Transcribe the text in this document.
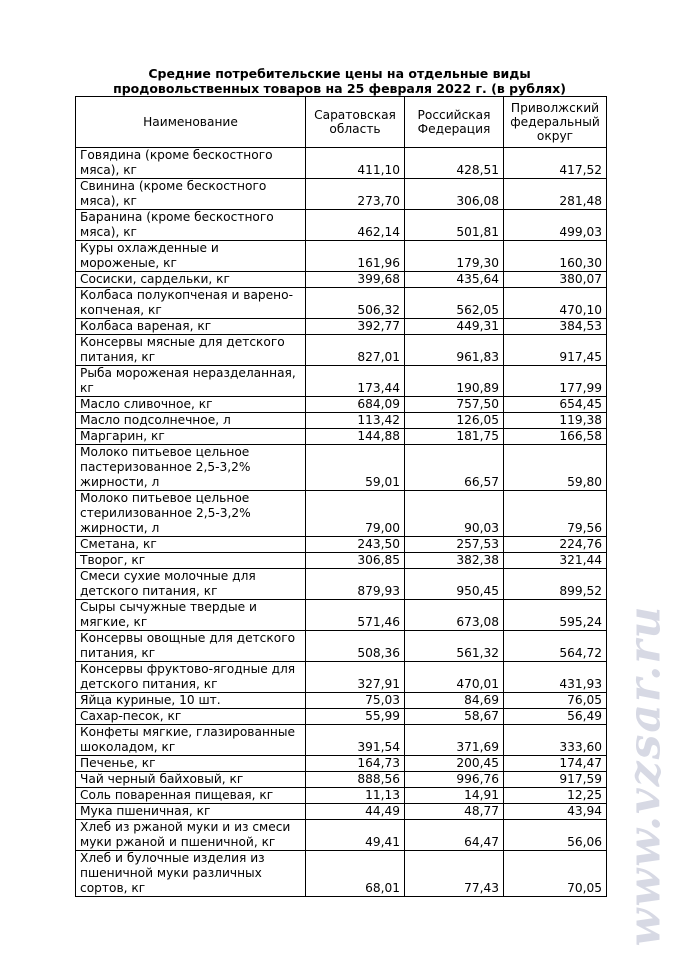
Средние потребительские цены на отдельные виды
продовольственных товаров на 25 февраля 2022 г. (в рублях)
Наименование	Саратовская область	Российская Федерация	Приволжский федеральный округ
Говядина (кроме бескостного мяса), кг	411,10	428,51	417,52
Свинина (кроме бескостного мяса), кг	273,70	306,08	281,48
Баранина (кроме бескостного мяса), кг	462,14	501,81	499,03
Куры охлажденные и мороженые, кг	161,96	179,30	160,30
Сосиски, сардельки, кг	399,68	435,64	380,07
Колбаса полукопченая и варено-копченая, кг	506,32	562,05	470,10
Колбаса вареная, кг	392,77	449,31	384,53
Консервы мясные для детского питания, кг	827,01	961,83	917,45
Рыба мороженая неразделанная, кг	173,44	190,89	177,99
Масло сливочное, кг	684,09	757,50	654,45
Масло подсолнечное, л	113,42	126,05	119,38
Маргарин, кг	144,88	181,75	166,58
Молоко питьевое цельное пастеризованное 2,5-3,2% жирности, л	59,01	66,57	59,80
Молоко питьевое цельное стерилизованное 2,5-3,2% жирности, л	79,00	90,03	79,56
Сметана, кг	243,50	257,53	224,76
Творог, кг	306,85	382,38	321,44
Смеси сухие молочные для детского питания, кг	879,93	950,45	899,52
Сыры сычужные твердые и мягкие, кг	571,46	673,08	595,24
Консервы овощные для детского питания, кг	508,36	561,32	564,72
Консервы фруктово-ягодные для детского питания, кг	327,91	470,01	431,93
Яйца куриные, 10 шт.	75,03	84,69	76,05
Сахар-песок, кг	55,99	58,67	56,49
Конфеты мягкие, глазированные шоколадом, кг	391,54	371,69	333,60
Печенье, кг	164,73	200,45	174,47
Чай черный байховый, кг	888,56	996,76	917,59
Соль поваренная пищевая, кг	11,13	14,91	12,25
Мука пшеничная, кг	44,49	48,77	43,94
Хлеб из ржаной муки и из смеси муки ржаной и пшеничной, кг	49,41	64,47	56,06
Хлеб и булочные изделия из пшеничной муки различных сортов, кг	68,01	77,43	70,05 www.vzsar.ru
